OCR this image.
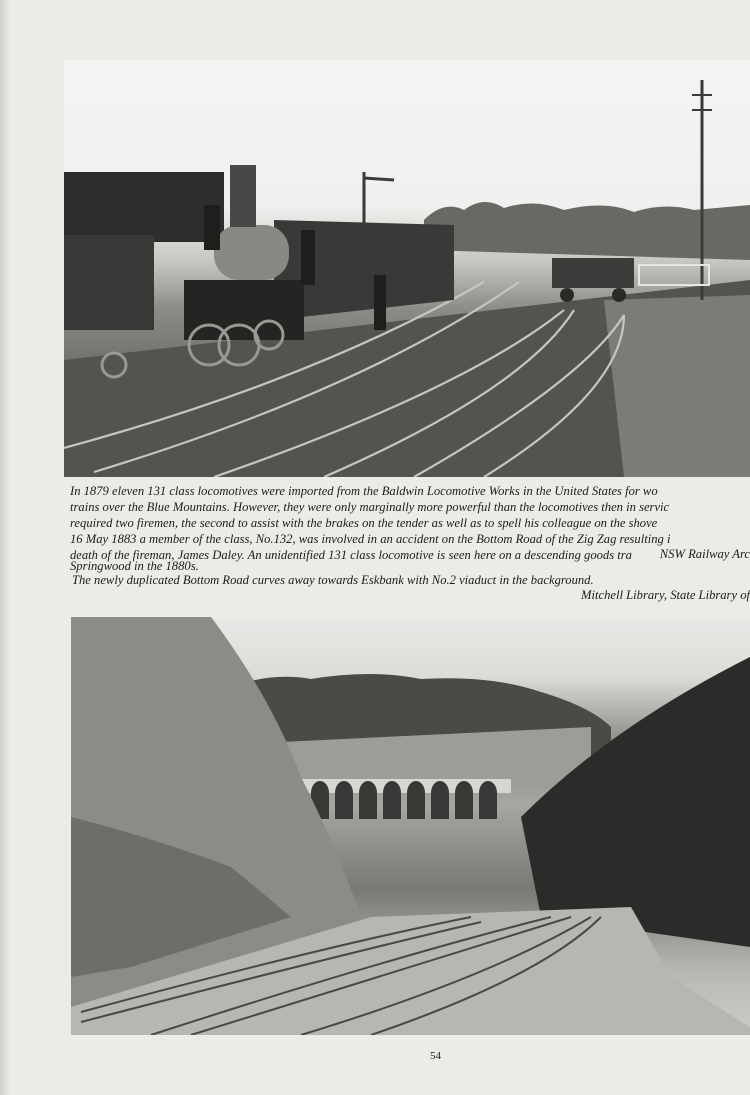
In 1879 eleven 131 class locomotives were imported from the Baldwin Locomotive Works in the United States for wo
trains over the Blue Mountains. However, they were only marginally more powerful than the locomotives then in servic
required two firemen, the second to assist with the brakes on the tender as well as to spell his colleague on the shove
16 May 1883 a member of the class, No.132, was involved in an accident on the Bottom Road of the Zig Zag resulting i
death of the fireman, James Daley. An unidentified 131 class locomotive is seen here on a descending goods tra
Springwood in the 1880s.
NSW Railway Arc
The newly duplicated Bottom Road curves away towards Eskbank with No.2 viaduct in the background.
Mitchell Library, State Library of
54
